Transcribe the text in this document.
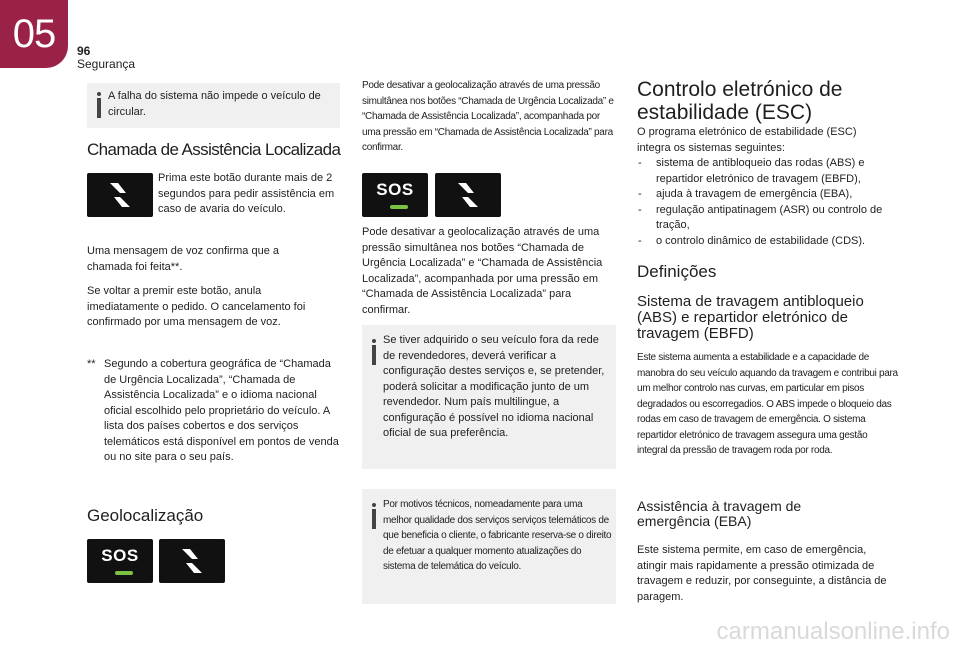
05	96
Segurança
A falha do sistema não impede o veículo de circular.
Chamada de Assistência Localizada
Prima este botão durante mais de 2 segundos para pedir assistência em caso de avaria do veículo.
Uma mensagem de voz confirma que a chamada foi feita**.
Se voltar a premir este botão, anula imediatamente o pedido. O cancelamento foi confirmado por uma mensagem de voz.
** Segundo a cobertura geográfica de “Chamada de Urgência Localizada”, “Chamada de Assistência Localizada” e o idioma nacional oficial escolhido pelo proprietário do veículo. A lista dos países cobertos e dos serviços telemáticos está disponível em pontos de venda ou no site para o seu país.
Geolocalização
SOS
Pode desativar a geolocalização através de uma pressão simultânea nos botões “Chamada de Urgência Localizada” e “Chamada de Assistência Localizada”, acompanhada por uma pressão em “Chamada de Assistência Localizada” para confirmar.
SOS
Pode desativar a geolocalização através de uma pressão simultânea nos botões “Chamada de Urgência Localizada” e “Chamada de Assistência Localizada”, acompanhada por uma pressão em “Chamada de Assistência Localizada” para confirmar.
Se tiver adquirido o seu veículo fora da rede de revendedores, deverá verificar a configuração destes serviços e, se pretender, poderá solicitar a modificação junto de um revendedor. Num país multilingue, a configuração é possível no idioma nacional oficial de sua preferência.
Por motivos técnicos, nomeadamente para uma melhor qualidade dos serviços serviços telemáticos de que beneficia o cliente, o fabricante reserva-se o direito de efetuar a qualquer momento atualizações do sistema de telemática do veículo.
Controlo eletrónico de estabilidade (ESC)
O programa eletrónico de estabilidade (ESC) integra os sistemas seguintes:
- sistema de antibloqueio das rodas (ABS) e repartidor eletrónico de travagem (EBFD),
- ajuda à travagem de emergência (EBA),
- regulação antipatinagem (ASR) ou controlo de tração,
- o controlo dinâmico de estabilidade (CDS).
Definições
Sistema de travagem antibloqueio (ABS) e repartidor eletrónico de travagem (EBFD)
Este sistema aumenta a estabilidade e a capacidade de manobra do seu veículo aquando da travagem e contribui para um melhor controlo nas curvas, em particular em pisos degradados ou escorregadios. O ABS impede o bloqueio das rodas em caso de travagem de emergência. O sistema repartidor eletrónico de travagem assegura uma gestão integral da pressão de travagem roda por roda.
Assistência à travagem de emergência (EBA)
Este sistema permite, em caso de emergência, atingir mais rapidamente a pressão otimizada de travagem e reduzir, por conseguinte, a distância de paragem.
carmanualsonline.info
